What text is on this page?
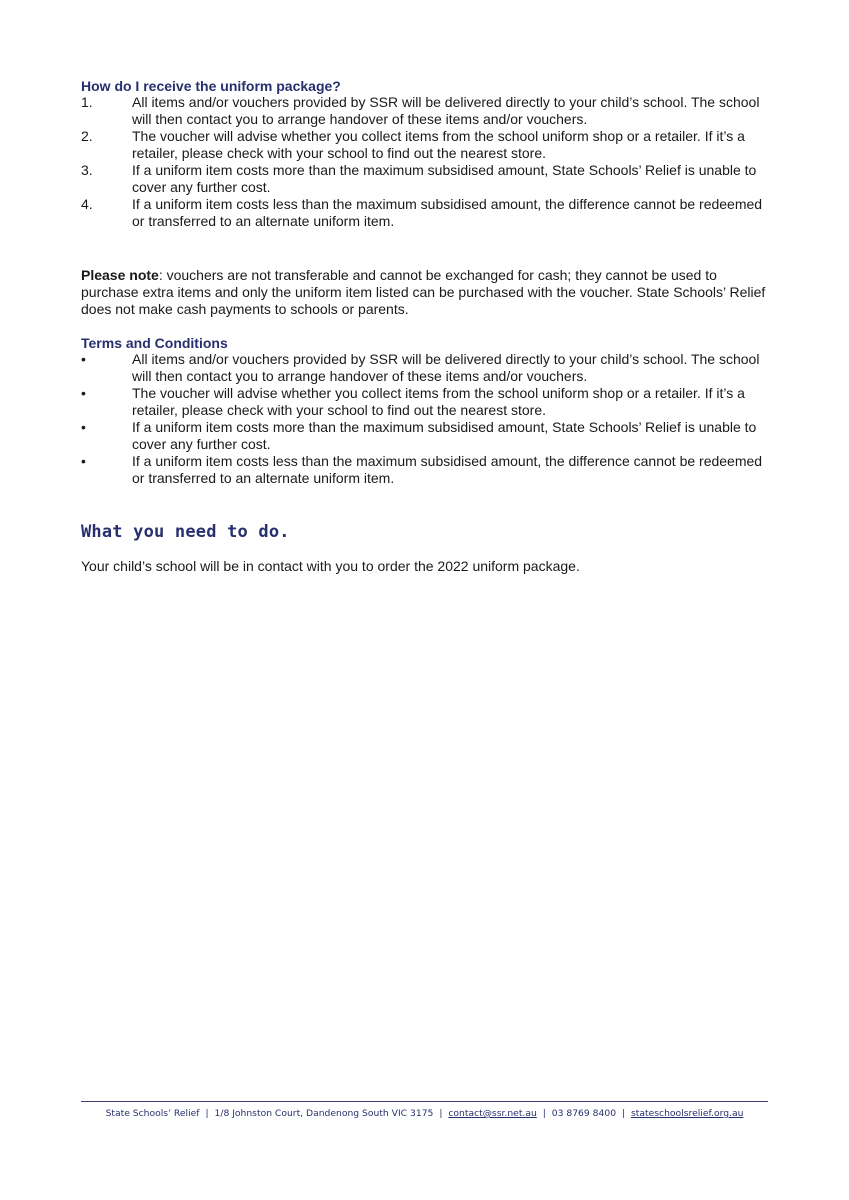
How do I receive the uniform package?
1.	All items and/or vouchers provided by SSR will be delivered directly to your child’s school. The school will then contact you to arrange handover of these items and/or vouchers.
2.	The voucher will advise whether you collect items from the school uniform shop or a retailer. If it’s a retailer, please check with your school to find out the nearest store.
3.	If a uniform item costs more than the maximum subsidised amount, State Schools’ Relief is unable to cover any further cost.
4.	If a uniform item costs less than the maximum subsidised amount, the difference cannot be redeemed or transferred to an alternate uniform item.

Please note: vouchers are not transferable and cannot be exchanged for cash; they cannot be used to purchase extra items and only the uniform item listed can be purchased with the voucher. State Schools’ Relief does not make cash payments to schools or parents.

Terms and Conditions
•	All items and/or vouchers provided by SSR will be delivered directly to your child’s school. The school will then contact you to arrange handover of these items and/or vouchers.
•	The voucher will advise whether you collect items from the school uniform shop or a retailer. If it’s a retailer, please check with your school to find out the nearest store.
•	If a uniform item costs more than the maximum subsidised amount, State Schools’ Relief is unable to cover any further cost.
•	If a uniform item costs less than the maximum subsidised amount, the difference cannot be redeemed or transferred to an alternate uniform item.
What you need to do.

Your child’s school will be in contact with you to order the 2022 uniform package.

State Schools’ Relief | 1/8 Johnston Court, Dandenong South VIC 3175 | contact@ssr.net.au | 03 8769 8400 | stateschoolsrelief.org.au
